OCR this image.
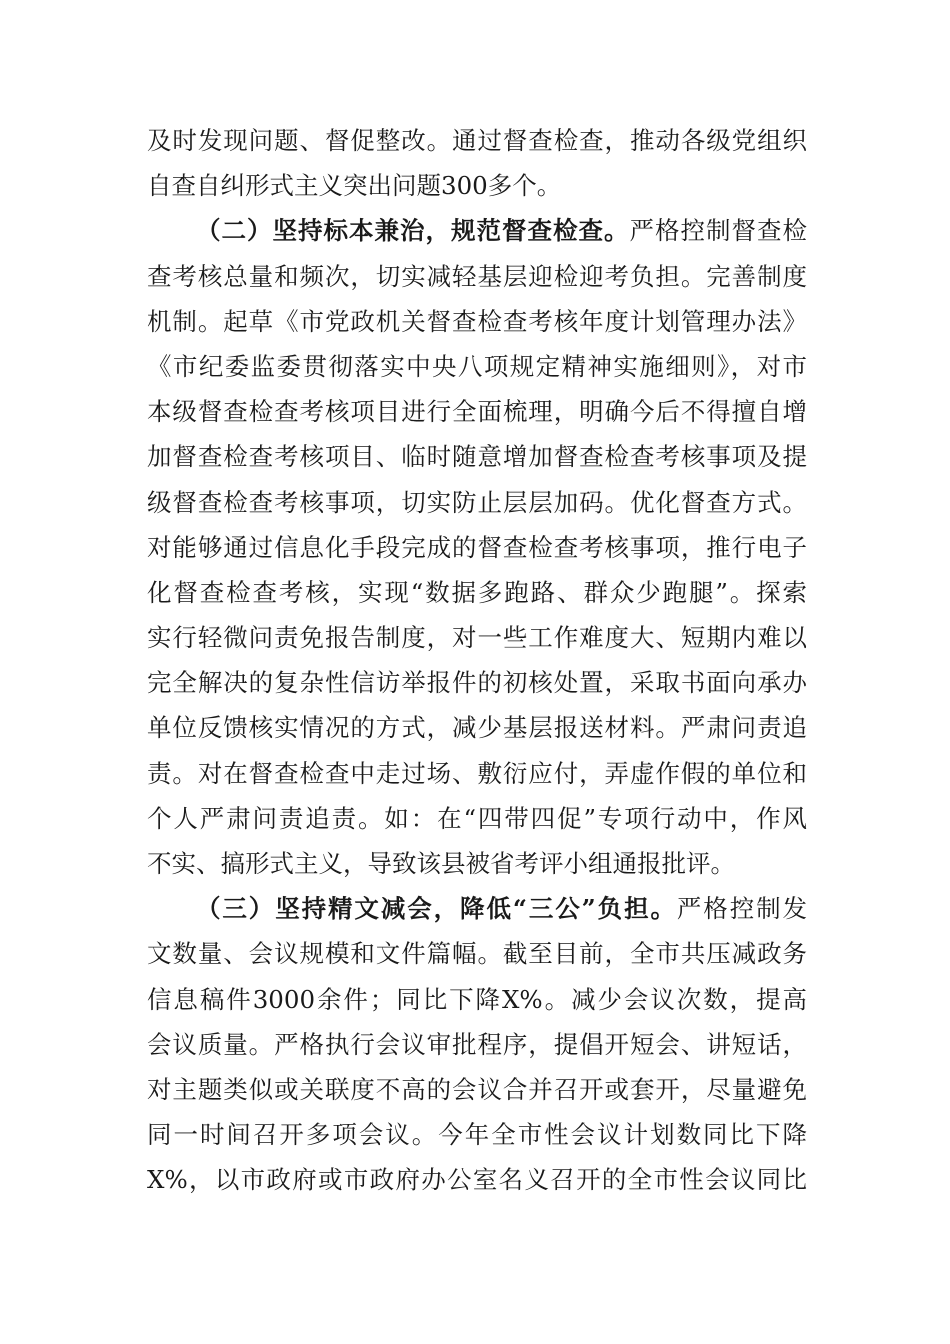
及时发现问题、督促整改。通过督查检查，推动各级党组织
自查自纠形式主义突出问题300多个。
（二）坚持标本兼治，规范督查检查。严格控制督查检
查考核总量和频次，切实减轻基层迎检迎考负担。完善制度
机制。起草《市党政机关督查检查考核年度计划管理办法》
《市纪委监委贯彻落实中央八项规定精神实施细则》，对市
本级督查检查考核项目进行全面梳理，明确今后不得擅自增
加督查检查考核项目、临时随意增加督查检查考核事项及提
级督查检查考核事项，切实防止层层加码。优化督查方式。
对能够通过信息化手段完成的督查检查考核事项，推行电子
化督查检查考核，实现“数据多跑路、群众少跑腿”。探索
实行轻微问责免报告制度，对一些工作难度大、短期内难以
完全解决的复杂性信访举报件的初核处置，采取书面向承办
单位反馈核实情况的方式，减少基层报送材料。严肃问责追
责。对在督查检查中走过场、敷衍应付，弄虚作假的单位和
个人严肃问责追责。如：在“四带四促”专项行动中，作风
不实、搞形式主义，导致该县被省考评小组通报批评。
（三）坚持精文减会，降低“三公”负担。严格控制发
文数量、会议规模和文件篇幅。截至目前，全市共压减政务
信息稿件3000余件；同比下降X%。减少会议次数，提高
会议质量。严格执行会议审批程序，提倡开短会、讲短话，
对主题类似或关联度不高的会议合并召开或套开，尽量避免
同一时间召开多项会议。今年全市性会议计划数同比下降
X%，以市政府或市政府办公室名义召开的全市性会议同比
